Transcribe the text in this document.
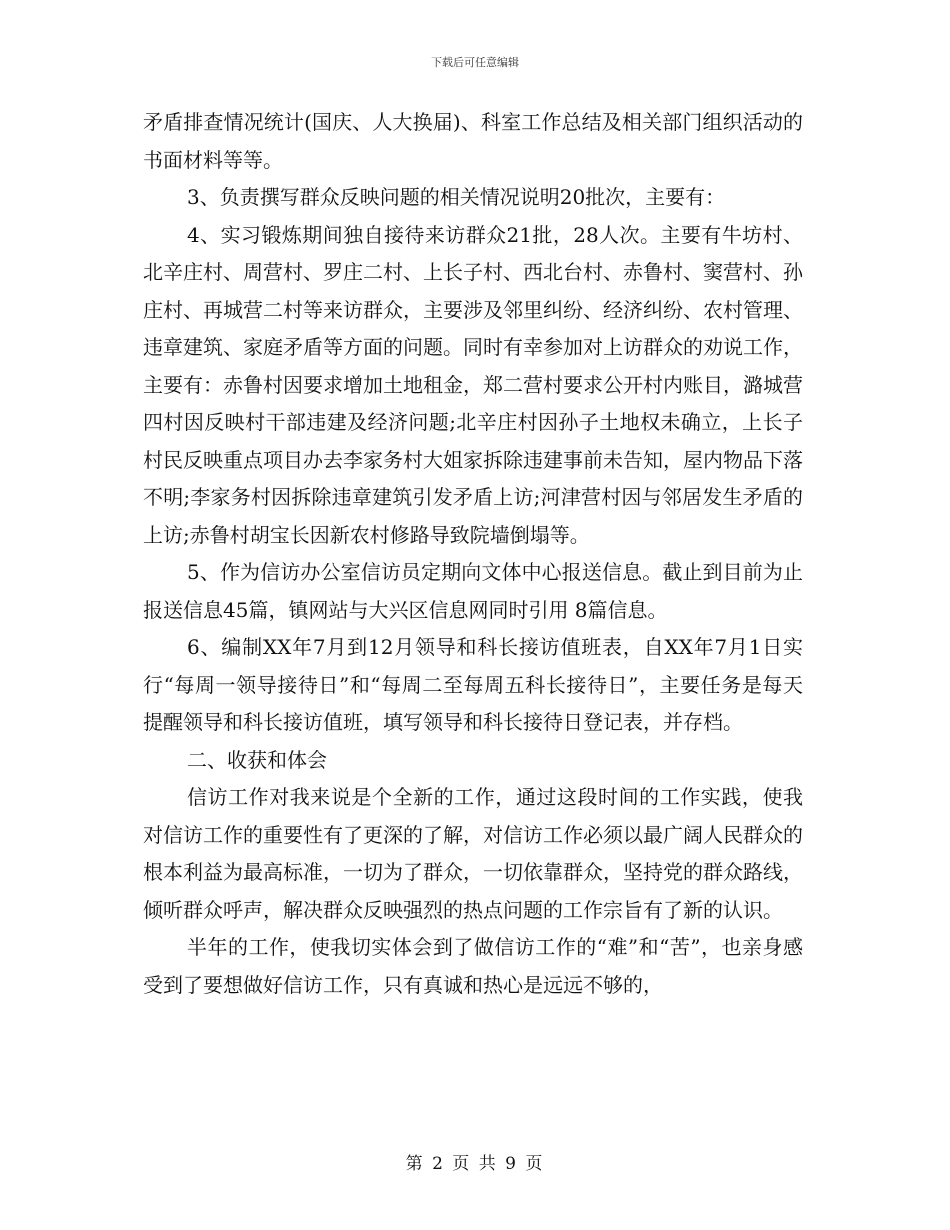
下载后可任意编辑

矛盾排查情况统计(国庆、人大换届)、科室工作总结及相关部门组织活动的书面材料等等。

3、负责撰写群众反映问题的相关情况说明20批次，主要有：

4、实习锻炼期间独自接待来访群众21批，28人次。主要有牛坊村、北辛庄村、周营村、罗庄二村、上长子村、西北台村、赤鲁村、窦营村、孙庄村、再城营二村等来访群众，主要涉及邻里纠纷、经济纠纷、农村管理、违章建筑、家庭矛盾等方面的问题。同时有幸参加对上访群众的劝说工作，主要有：赤鲁村因要求增加土地租金，郑二营村要求公开村内账目，潞城营四村因反映村干部违建及经济问题;北辛庄村因孙子土地权未确立，上长子村民反映重点项目办去李家务村大姐家拆除违建事前未告知，屋内物品下落不明;李家务村因拆除违章建筑引发矛盾上访;河津营村因与邻居发生矛盾的上访;赤鲁村胡宝长因新农村修路导致院墙倒塌等。

5、作为信访办公室信访员定期向文体中心报送信息。截止到目前为止报送信息45篇，镇网站与大兴区信息网同时引用 8篇信息。

6、编制XX年7月到12月领导和科长接访值班表，自XX年7月1日实行“每周一领导接待日”和“每周二至每周五科长接待日”，主要任务是每天提醒领导和科长接访值班，填写领导和科长接待日登记表，并存档。

二、收获和体会

信访工作对我来说是个全新的工作，通过这段时间的工作实践，使我对信访工作的重要性有了更深的了解，对信访工作必须以最广阔人民群众的根本利益为最高标准，一切为了群众，一切依靠群众，坚持党的群众路线，倾听群众呼声，解决群众反映强烈的热点问题的工作宗旨有了新的认识。

半年的工作，使我切实体会到了做信访工作的“难”和“苦”，也亲身感受到了要想做好信访工作，只有真诚和热心是远远不够的，

第 2 页 共 9 页
